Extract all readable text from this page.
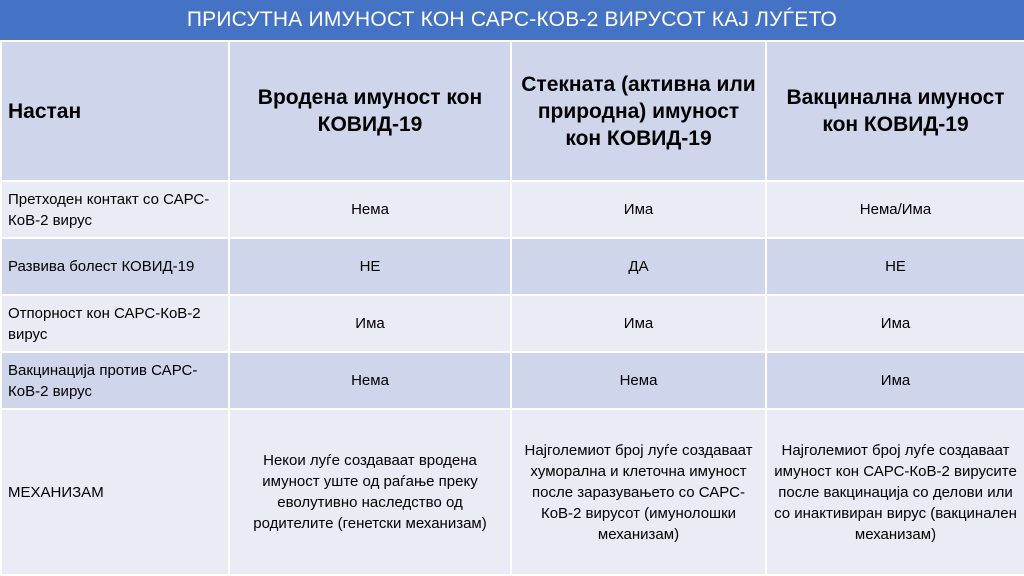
ПРИСУТНА ИМУНОСТ КОН САРС-КОВ-2 ВИРУСОТ КАЈ ЛУЃЕТО
Настан	Вродена имуност кон КОВИД-19	Стекната (активна или природна) имуност кон КОВИД-19	Вакцинална имуност кон КОВИД-19
Претходен контакт со САРС-КоВ-2 вирус	Нема	Има	Нема/Има
Развива болест КОВИД-19	НЕ	ДА	НЕ
Отпорност кон САРС-КоВ-2 вирус	Има	Има	Има
Вакцинација против САРС-КоВ-2 вирус	Нема	Нема	Има
МЕХАНИЗАМ	Некои луѓе создаваат вродена имуност уште од раѓање преку еволутивно наследство од родителите (генетски механизам)	Најголемиот број луѓе создаваат хуморална и клеточна имуност после заразувањето со САРС-КоВ-2 вирусот (имунолошки механизам)	Најголемиот број луѓе создаваат имуност кон САРС-КоВ-2 вирусите после вакцинација со делови или со инактивиран вирус (вакцинален механизам)
